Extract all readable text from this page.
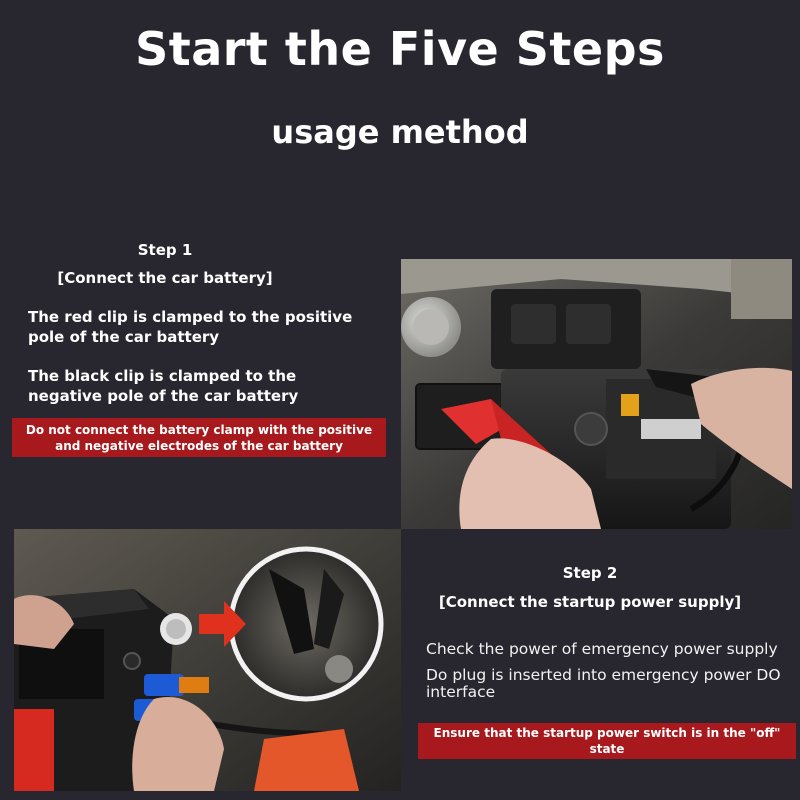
Start the Five Steps
usage method
Step 1
[Connect the car battery]
The red clip is clamped to the positive pole of the car battery
The black clip is clamped to the negative pole of the car battery
Do not connect the battery clamp with the positive and negative electrodes of the car battery
Step 2
[Connect the startup power supply]
Check the power of emergency power supply
Do plug is inserted into emergency power DO interface
Ensure that the startup power switch is in the "off" state
